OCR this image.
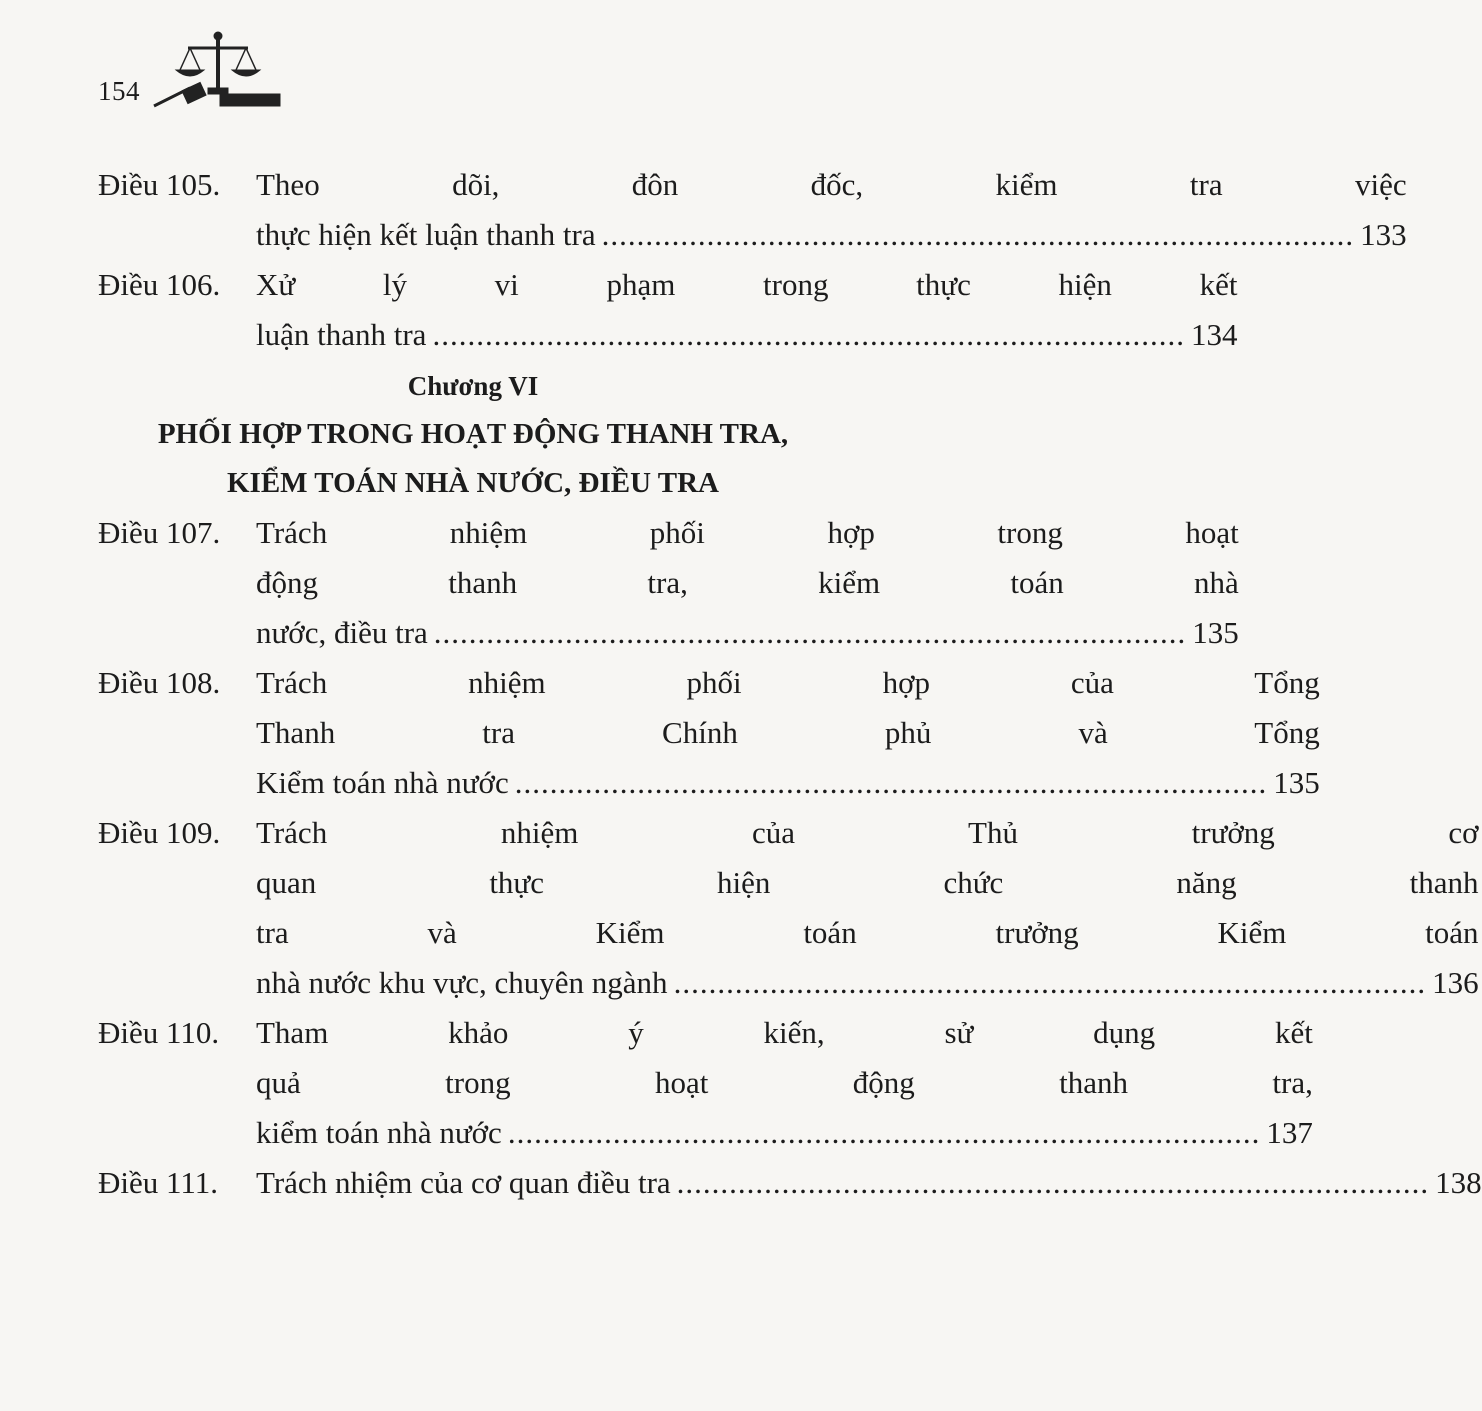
154
Điều 105.	Theo dõi, đôn đốc, kiểm tra việc
thực hiện kết luận thanh tra ...................................................................................... 133
Điều 106.	Xử lý vi phạm trong thực hiện kết
luận thanh tra ...................................................................................... 134
Chương VI
PHỐI HỢP TRONG HOẠT ĐỘNG THANH TRA,
KIỂM TOÁN NHÀ NƯỚC, ĐIỀU TRA
Điều 107.	Trách nhiệm phối hợp trong hoạt
động thanh tra, kiểm toán nhà
nước, điều tra ...................................................................................... 135
Điều 108.	Trách nhiệm phối hợp của Tổng
Thanh tra Chính phủ và Tổng
Kiểm toán nhà nước ...................................................................................... 135
Điều 109.	Trách nhiệm của Thủ trưởng cơ
quan thực hiện chức năng thanh
tra và Kiểm toán trưởng Kiểm toán
nhà nước khu vực, chuyên ngành ...................................................................................... 136
Điều 110.	Tham khảo ý kiến, sử dụng kết
quả trong hoạt động thanh tra,
kiểm toán nhà nước ...................................................................................... 137
Điều 111.	Trách nhiệm của cơ quan điều tra ...................................................................................... 138
